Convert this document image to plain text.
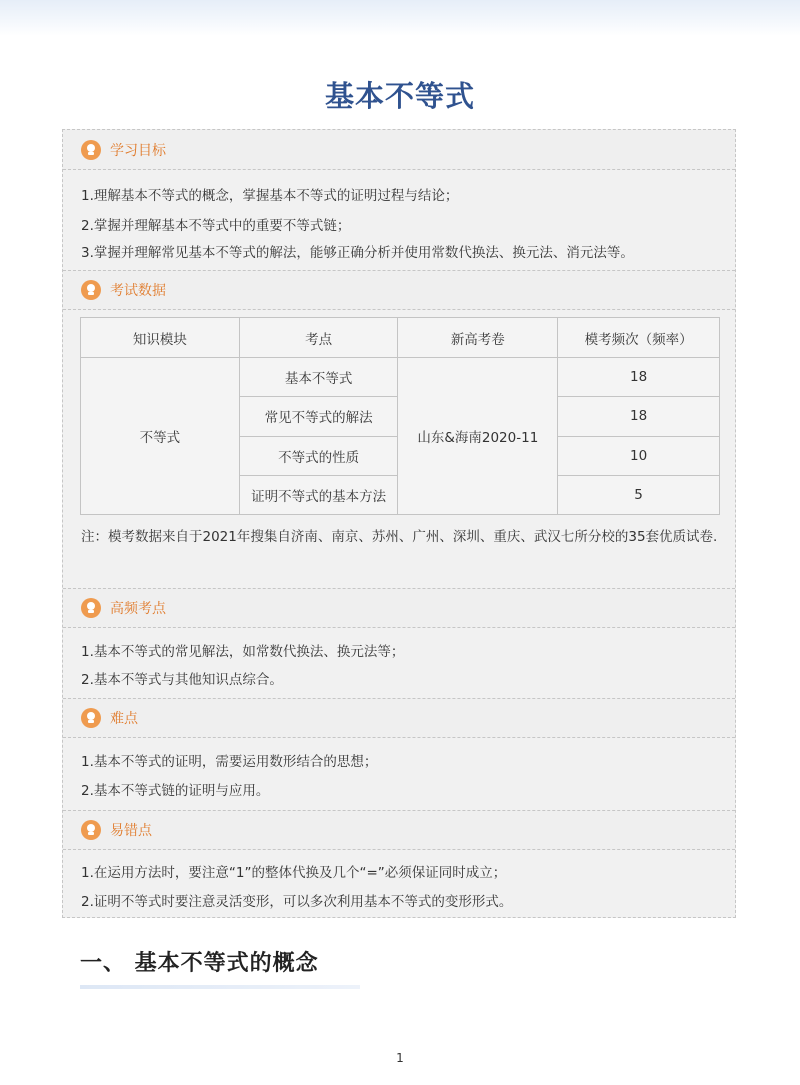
基本不等式
学习目标
1.理解基本不等式的概念，掌握基本不等式的证明过程与结论；
2.掌握并理解基本不等式中的重要不等式链；
3.掌握并理解常见基本不等式的解法，能够正确分析并使用常数代换法、换元法、消元法等。
考试数据
知识模块	考点	新高考卷	模考频次（频率）
不等式	基本不等式	山东&海南2020-11	18
	常见不等式的解法		18
	不等式的性质		10
	证明不等式的基本方法		5
注：模考数据来自于2021年搜集自济南、南京、苏州、广州、深圳、重庆、武汉七所分校的35套优质试卷.
高频考点
1.基本不等式的常见解法，如常数代换法、换元法等；
2.基本不等式与其他知识点综合。
难点
1.基本不等式的证明，需要运用数形结合的思想；
2.基本不等式链的证明与应用。
易错点
1.在运用方法时，要注意“1”的整体代换及几个“=”必须保证同时成立；
2.证明不等式时要注意灵活变形，可以多次利用基本不等式的变形形式。
一、 基本不等式的概念
1
